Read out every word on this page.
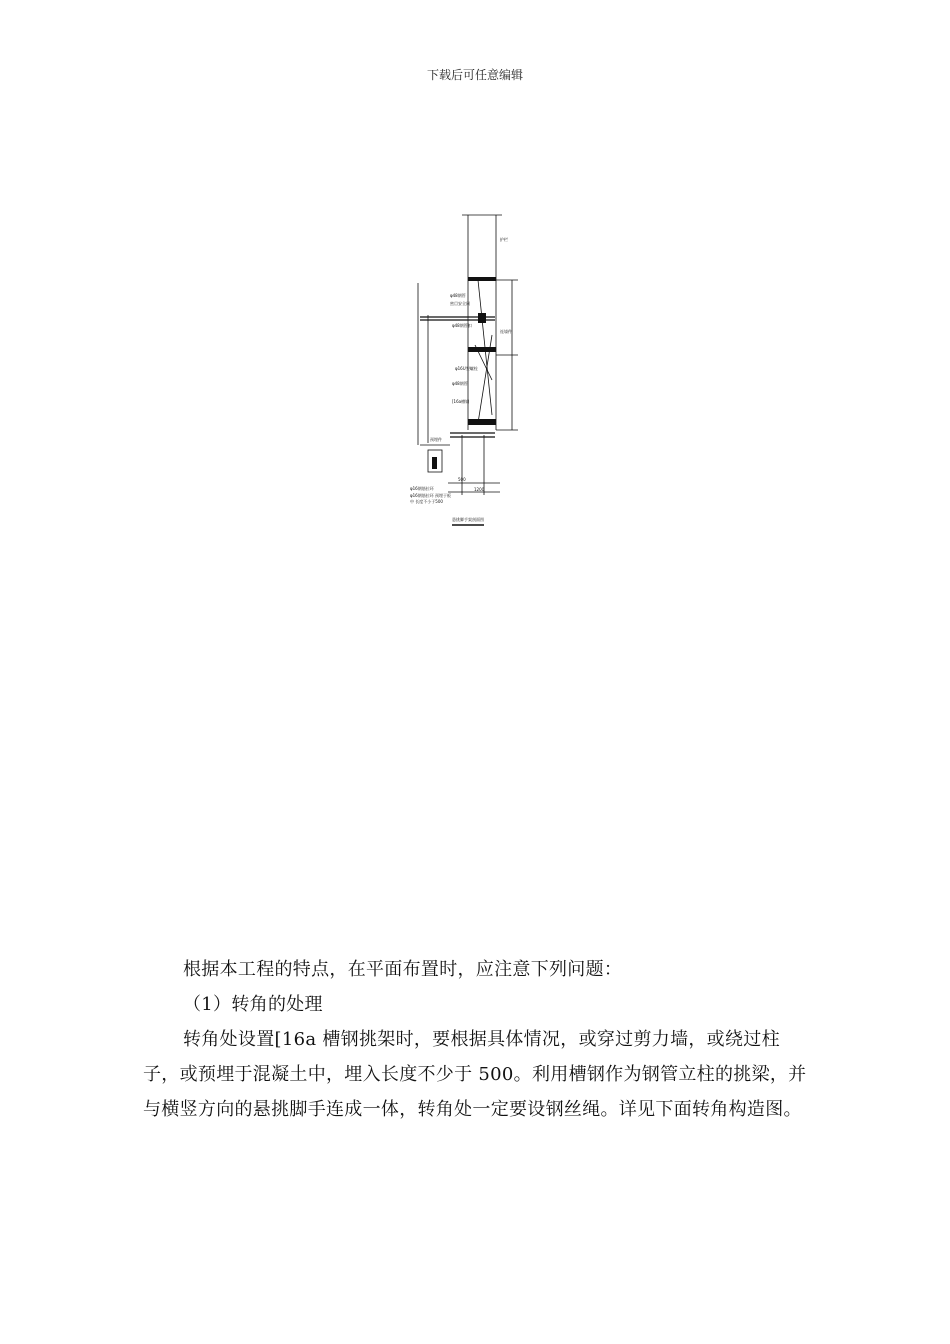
下载后可任意编辑
护栏
φ48钢管
密目安全网
φ48钢管扣
连墙件
φ16U型螺栓
φ48钢管
[16a槽钢
预埋件
φ16钢筋拉环
500
1200
φ16钢筋拉环 预埋于板
中 长度不小于500
悬挑脚手架剖面图

根据本工程的特点，在平面布置时，应注意下列问题：

（1）转角的处理

转角处设置[16a 槽钢挑架时，要根据具体情况，或穿过剪力墙，或绕过柱子，或预埋于混凝土中，埋入长度不少于 500。利用槽钢作为钢管立柱的挑梁，并与横竖方向的悬挑脚手连成一体，转角处一定要设钢丝绳。详见下面转角构造图。
